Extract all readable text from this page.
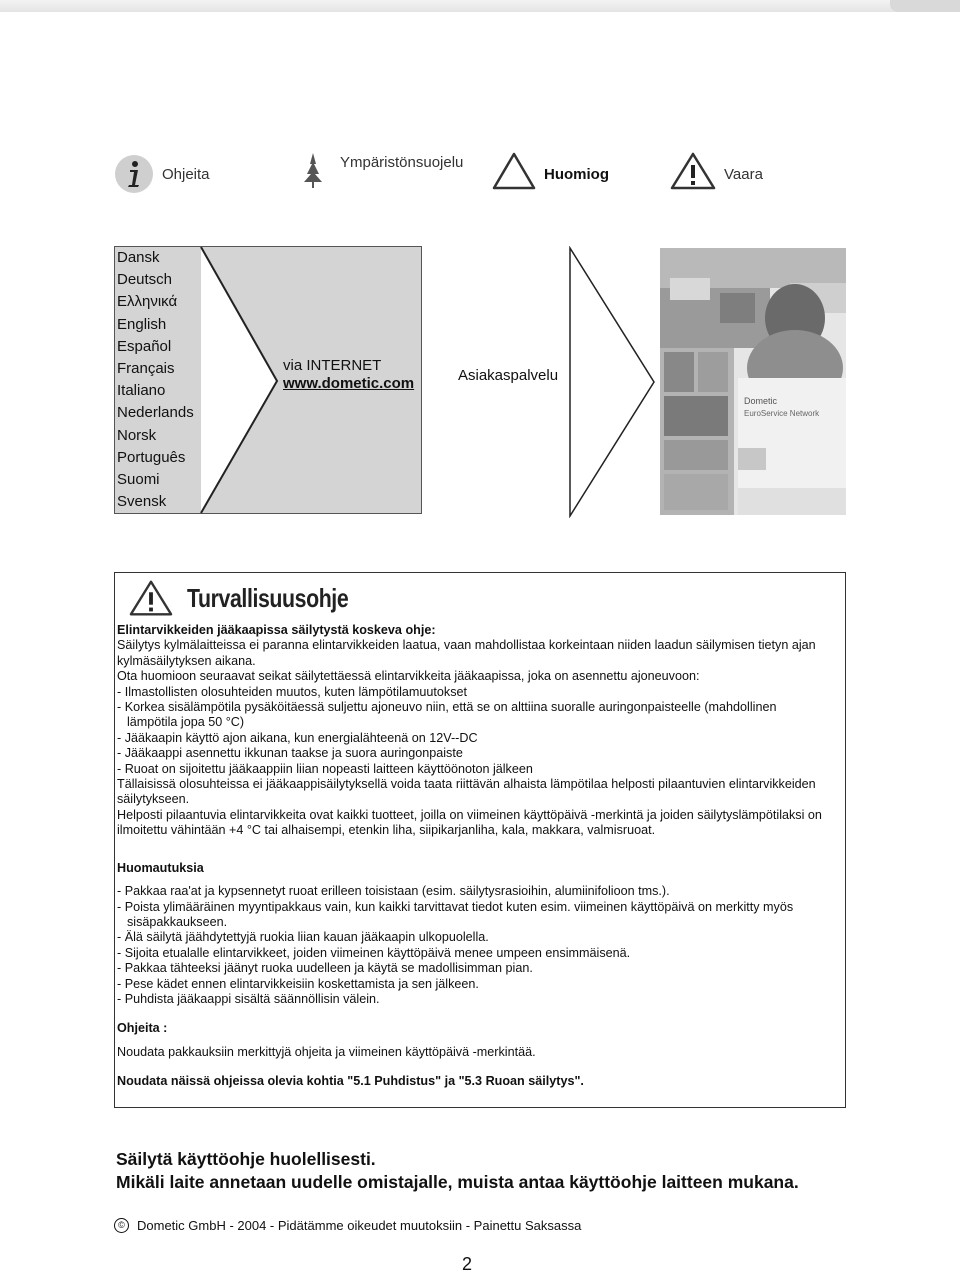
Ohjeita
Ympäristönsuojelu
Huomiog	Vaara
Dansk
Deutsch
Ελληνικά
English
Español
Français
Italiano
Nederlands
Norsk
Português
Suomi
Svensk
via INTERNET
www.dometic.com	Asiakaspalvelu
Dometic
EuroService Network
Turvallisuusohje

Elintarvikkeiden jääkaapissa säilytystä koskeva ohje:

Säilytys kylmälaitteissa ei paranna elintarvikkeiden laatua, vaan mahdollistaa korkeintaan niiden laadun säilymisen tietyn ajan kylmäsäilytyksen aikana.

Ota huomioon seuraavat seikat säilytettäessä elintarvikkeita jääkaapissa, joka on asennettu ajoneuvoon:

- Ilmastollisten olosuhteiden muutos, kuten lämpötilamuutokset

- Korkea sisälämpötila pysäköitäessä suljettu ajoneuvo niin, että se on alttiina suoralle auringonpaisteelle (mahdollinen

lämpötila jopa 50 °C)

- Jääkaapin käyttö ajon aikana, kun energialähteenä on 12V--DC

- Jääkaappi asennettu ikkunan taakse ja suora auringonpaiste

- Ruoat on sijoitettu jääkaappiin liian nopeasti laitteen käyttöönoton jälkeen

Tällaisissä olosuhteissa ei jääkaappisäilytyksellä voida taata riittävän alhaista lämpötilaa helposti pilaantuvien elintarvikkeiden säilytykseen.

Helposti pilaantuvia elintarvikkeita ovat kaikki tuotteet, joilla on viimeinen käyttöpäivä -merkintä ja joiden säilytyslämpötilaksi on ilmoitettu vähintään +4 °C tai alhaisempi, etenkin liha, siipikarjanliha, kala, makkara, valmisruoat.

Huomautuksia

- Pakkaa raa'at ja kypsennetyt ruoat erilleen toisistaan (esim. säilytysrasioihin, alumiinifolioon tms.).

- Poista ylimääräinen myyntipakkaus vain, kun kaikki tarvittavat tiedot kuten esim. viimeinen käyttöpäivä on merkitty myös

sisäpakkaukseen.

- Älä säilytä jäähdytettyjä ruokia liian kauan jääkaapin ulkopuolella.

- Sijoita etualalle elintarvikkeet, joiden viimeinen käyttöpäivä menee umpeen ensimmäisenä.

- Pakkaa tähteeksi jäänyt ruoka uudelleen ja käytä se madollisimman pian.

- Pese kädet ennen elintarvikkeisiin koskettamista ja sen jälkeen.

- Puhdista jääkaappi sisältä säännöllisin välein.

Ohjeita :

Noudata pakkauksiin merkittyjä ohjeita ja viimeinen käyttöpäivä -merkintää.

Noudata näissä ohjeissa olevia kohtia "5.1 Puhdistus" ja "5.3 Ruoan säilytys".

Säilytä käyttöohje huolellisesti.
Mikäli laite annetaan uudelle omistajalle, muista antaa käyttöohje laitteen mukana.
© Dometic GmbH - 2004 - Pidätämme oikeudet muutoksiin - Painettu Saksassa
2
